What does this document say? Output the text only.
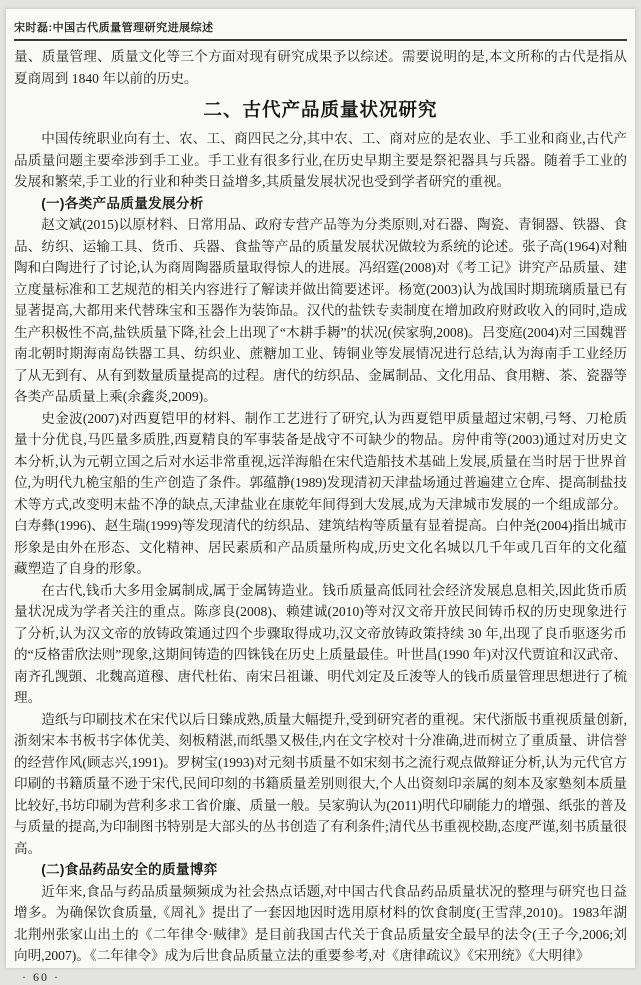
宋时磊:中国古代质量管理研究进展综述

量、质量管理、质量文化等三个方面对现有研究成果予以综述。需要说明的是,本文所称的古代是指从夏商周到 1840 年以前的历史。

二、古代产品质量状况研究

中国传统职业向有士、农、工、商四民之分,其中农、工、商对应的是农业、手工业和商业,古代产品质量问题主要牵涉到手工业。手工业有很多行业,在历史早期主要是祭祀器具与兵器。随着手工业的发展和繁荣,手工业的行业和种类日益增多,其质量发展状况也受到学者研究的重视。

(一)各类产品质量发展分析

赵文斌(2015)以原材料、日常用品、政府专营产品等为分类原则,对石器、陶瓷、青铜器、铁器、食品、纺织、运输工具、货币、兵器、食盐等产品的质量发展状况做较为系统的论述。张子高(1964)对釉陶和白陶进行了讨论,认为商周陶器质量取得惊人的进展。冯绍霆(2008)对《考工记》讲究产品质量、建立度量标准和工艺规范的相关内容进行了解读并做出简要述评。杨宽(2003)认为战国时期琉璃质量已有显著提高,大都用来代替珠宝和玉器作为装饰品。汉代的盐铁专卖制度在增加政府财政收入的同时,造成生产积极性不高,盐铁质量下降,社会上出现了“木耕手耨”的状况(侯家驹,2008)。吕变庭(2004)对三国魏晋南北朝时期海南岛铁器工具、纺织业、蔗糖加工业、铸铜业等发展情况进行总结,认为海南手工业经历了从无到有、从有到数量质量提高的过程。唐代的纺织品、金属制品、文化用品、食用糖、茶、瓷器等各类产品质量上乘(余鑫炎,2009)。

史金波(2007)对西夏铠甲的材料、制作工艺进行了研究,认为西夏铠甲质量超过宋朝,弓弩、刀枪质量十分优良,马匹量多质胜,西夏精良的军事装备是战守不可缺少的物品。房仲甫等(2003)通过对历史文本分析,认为元朝立国之后对水运非常重视,远洋海船在宋代造船技术基础上发展,质量在当时居于世界首位,为明代九桅宝船的生产创造了条件。郭蕴静(1989)发现清初天津盐场通过普遍建立仓库、提高制盐技术等方式,改变明末盐不净的缺点,天津盐业在康乾年间得到大发展,成为天津城市发展的一个组成部分。白寿彝(1996)、赵生瑞(1999)等发现清代的纺织品、建筑结构等质量有显着提高。白仲尧(2004)指出城市形象是由外在形态、文化精神、居民素质和产品质量所构成,历史文化名城以几千年或几百年的文化蕴藏塑造了自身的形象。

在古代,钱币大多用金属制成,属于金属铸造业。钱币质量高低同社会经济发展息息相关,因此货币质量状况成为学者关注的重点。陈彦良(2008)、赖建诚(2010)等对汉文帝开放民间铸币权的历史现象进行了分析,认为汉文帝的放铸政策通过四个步骤取得成功,汉文帝放铸政策持续 30 年,出现了良币驱逐劣币的“反格雷欣法则”现象,这期间铸造的四铢钱在历史上质量最佳。叶世昌(1990 年)对汉代贾谊和汉武帝、南齐孔觊顗、北魏高道穆、唐代杜佑、南宋吕祖谦、明代刘定及丘浚等人的钱币质量管理思想进行了梳理。

造纸与印刷技术在宋代以后日臻成熟,质量大幅提升,受到研究者的重视。宋代浙版书重视质量创新,浙刻宋本书板书字体优美、刻板精湛,而纸墨又极佳,内在文字校对十分准确,进而树立了重质量、讲信誉的经营作风(顾志兴,1991)。罗树宝(1993)对元刻书质量不如宋刻书之流行观点做辩证分析,认为元代官方印刷的书籍质量不逊于宋代,民间印刻的书籍质量差别则很大,个人出资刻印亲属的刻本及家塾刻本质量比较好,书坊印刷为营利多求工省价廉、质量一般。吴家驹认为(2011)明代印刷能力的增强、纸张的普及与质量的提高,为印制图书特别是大部头的丛书创造了有利条件;清代丛书重视校勘,态度严谨,刻书质量很高。

(二)食品药品安全的质量博弈

近年来,食品与药品质量频频成为社会热点话题,对中国古代食品药品质量状况的整理与研究也日益增多。为确保饮食质量,《周礼》提出了一套因地因时选用原材料的饮食制度(王雪萍,2010)。1983年湖北荆州张家山出土的《二年律令·贼律》是目前我国古代关于食品质量安全最早的法令(王子今,2006;刘向明,2007)。《二年律令》成为后世食品质量立法的重要参考,对《唐律疏议》《宋刑统》《大明律》

· 60 ·
